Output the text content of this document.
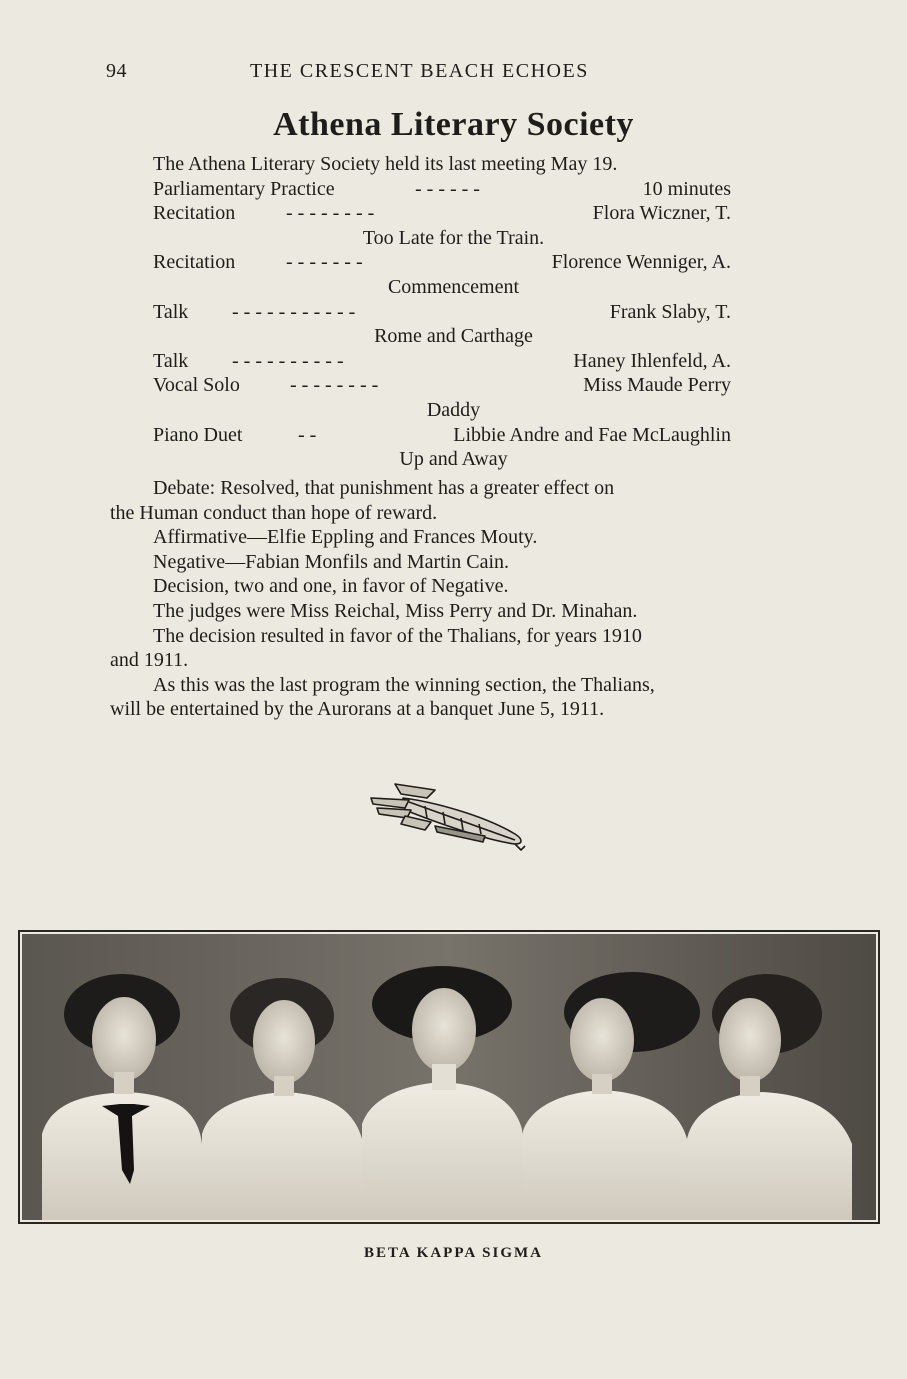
94	THE CRESCENT BEACH ECHOES
Athena Literary Society
The Athena Literary Society held its last meeting May 19.
Parliamentary Practice	- - - - - -	10 minutes
Recitation	- - - - - - - -	Flora Wiczner, T.
Too Late for the Train.
Recitation	- - - - - - -	Florence Wenniger, A.
Commencement
Talk - - - - - - - - - - -	Frank Slaby, T.
Rome and Carthage
Talk - - - - - - - - - -	Haney Ihlenfeld, A.
Vocal Solo	- - - - - - - -	Miss Maude Perry
Daddy
Piano Duet	- -	Libbie Andre and Fae McLaughlin
Up and Away
Debate: Resolved, that punishment has a greater effect on
the Human conduct than hope of reward.
Affirmative—Elfie Eppling and Frances Mouty.
Negative—Fabian Monfils and Martin Cain.
Decision, two and one, in favor of Negative.
The judges were Miss Reichal, Miss Perry and Dr. Minahan.
The decision resulted in favor of the Thalians, for years 1910
and 1911.
As this was the last program the winning section, the Thalians,
will be entertained by the Aurorans at a banquet June 5, 1911.
BETA KAPPA SIGMA
